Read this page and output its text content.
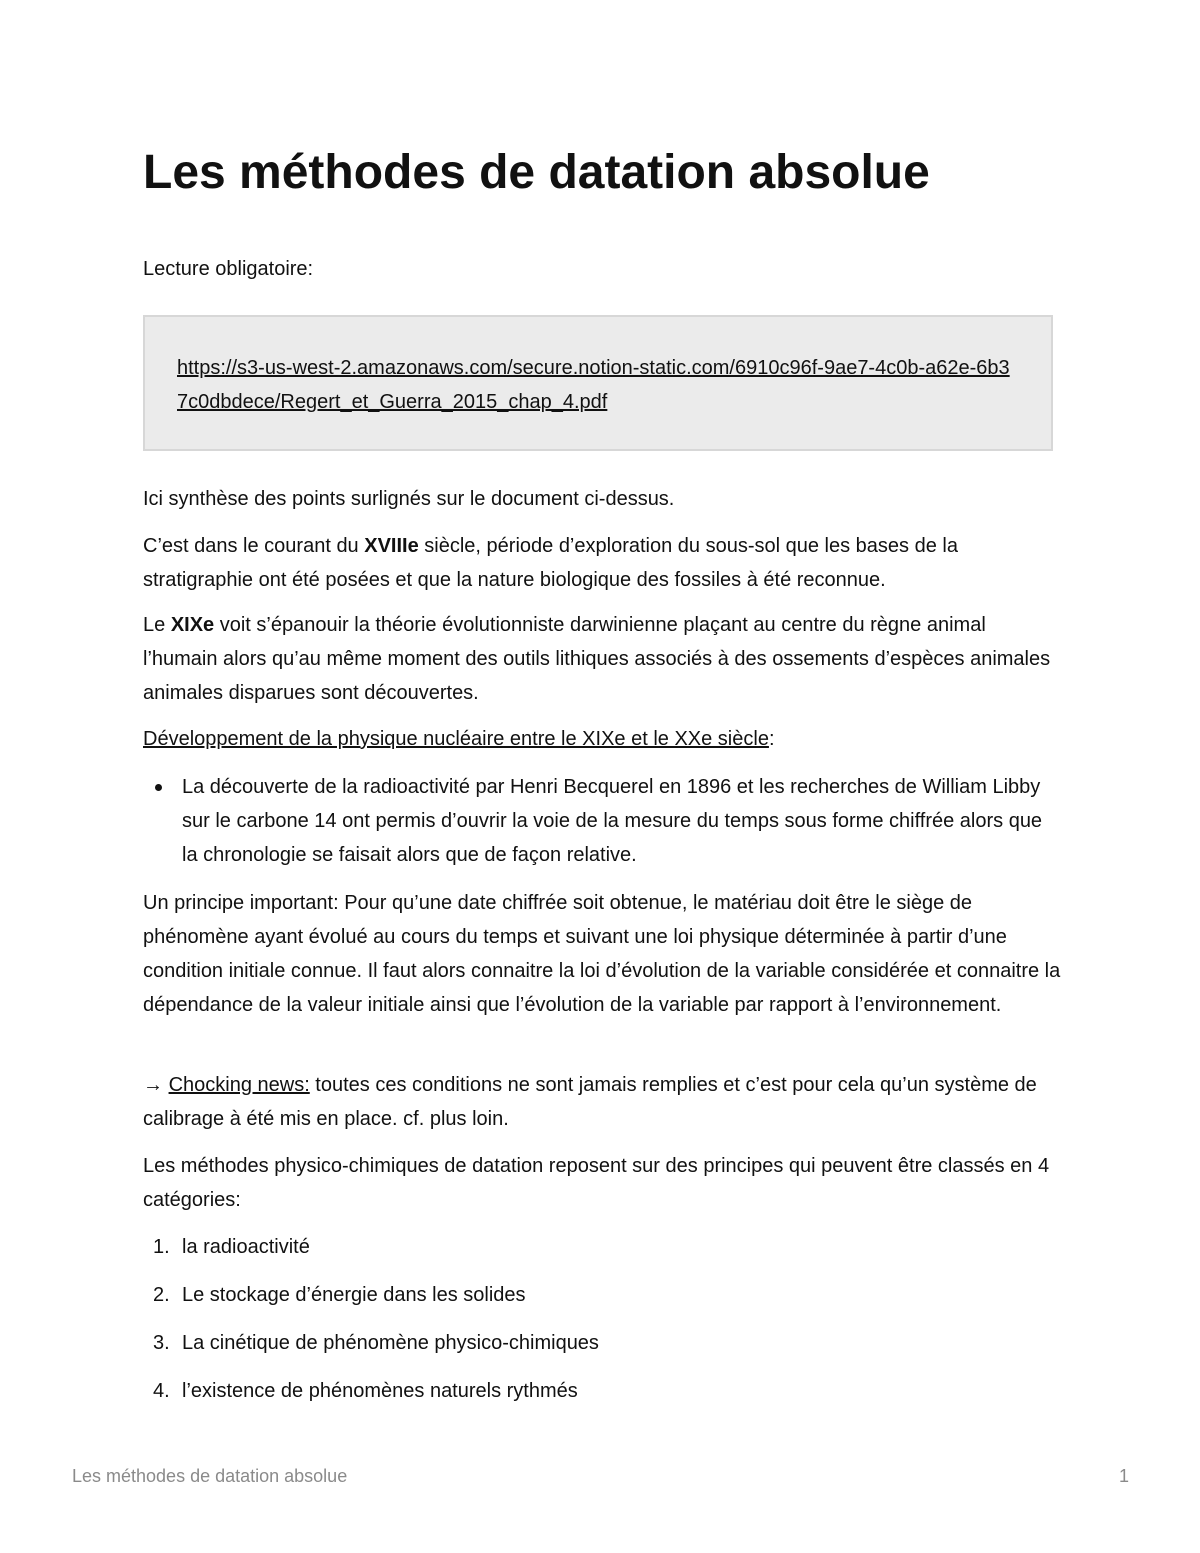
Les méthodes de datation absolue

Lecture obligatoire:

https://s3-us-west-2.amazonaws.com/secure.notion-static.com/6910c96f-9ae7-4c0b-a62e-6b37c0dbdece/Regert_et_Guerra_2015_chap_4.pdf

Ici synthèse des points surlignés sur le document ci-dessus.

C’est dans le courant du XVIIIe siècle, période d’exploration du sous-sol que les bases de la stratigraphie ont été posées et que la nature biologique des fossiles à été reconnue.

Le XIXe voit s’épanouir la théorie évolutionniste darwinienne plaçant au centre du règne animal l’humain alors qu’au même moment des outils lithiques associés à des ossements d’espèces animales animales disparues sont découvertes.

Développement de la physique nucléaire entre le XIXe et le XXe siècle:

La découverte de la radioactivité par Henri Becquerel en 1896 et les recherches de William Libby sur le carbone 14 ont permis d’ouvrir la voie de la mesure du temps sous forme chiffrée alors que la chronologie se faisait alors que de façon relative.

Un principe important: Pour qu’une date chiffrée soit obtenue, le matériau doit être le siège de phénomène ayant évolué au cours du temps et suivant une loi physique déterminée à partir d’une condition initiale connue. Il faut alors connaitre la loi d’évolution de la variable considérée et connaitre la dépendance de la valeur initiale ainsi que l’évolution de la variable par rapport à l’environnement.

→ Chocking news: toutes ces conditions ne sont jamais remplies et c’est pour cela qu’un système de calibrage à été mis en place. cf. plus loin.

Les méthodes physico-chimiques de datation reposent sur des principes qui peuvent être classés en 4 catégories:

1. la radioactivité
2. Le stockage d’énergie dans les solides
3. La cinétique de phénomène physico-chimiques
4. l’existence de phénomènes naturels rythmés
Les méthodes de datation absolue	1
